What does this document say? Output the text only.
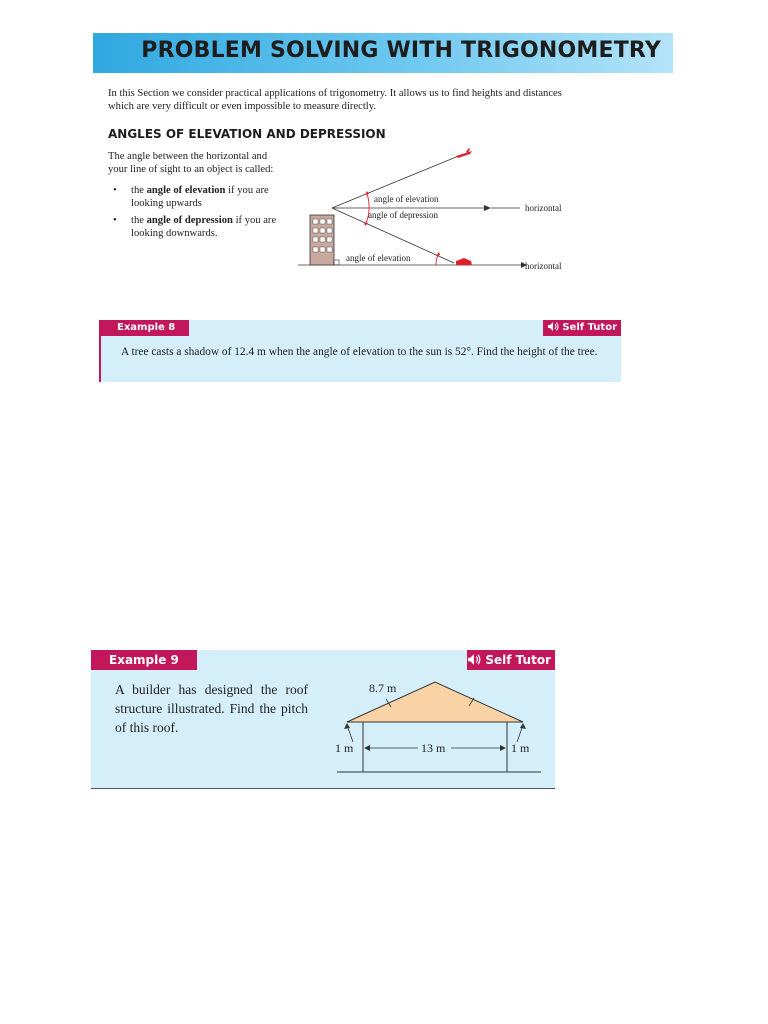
PROBLEM SOLVING WITH TRIGONOMETRY

In this Section we consider practical applications of trigonometry. It allows us to find heights and distances which are very difficult or even impossible to measure directly.

ANGLES OF ELEVATION AND DEPRESSION

The angle between the horizontal and your line of sight to an object is called:

• the angle of elevation if you are looking upwards
• the angle of depression if you are looking downwards.
angle of elevation
angle of depression
angle of elevation
horizontal
horizontal
Example 8	Self Tutor

A tree casts a shadow of 12.4 m when the angle of elevation to the sun is 52°. Find the height of the tree.

Example 9	Self Tutor

A builder has designed the roof structure illustrated. Find the pitch of this roof.

8.7 m
13 m
1 m	1 m
